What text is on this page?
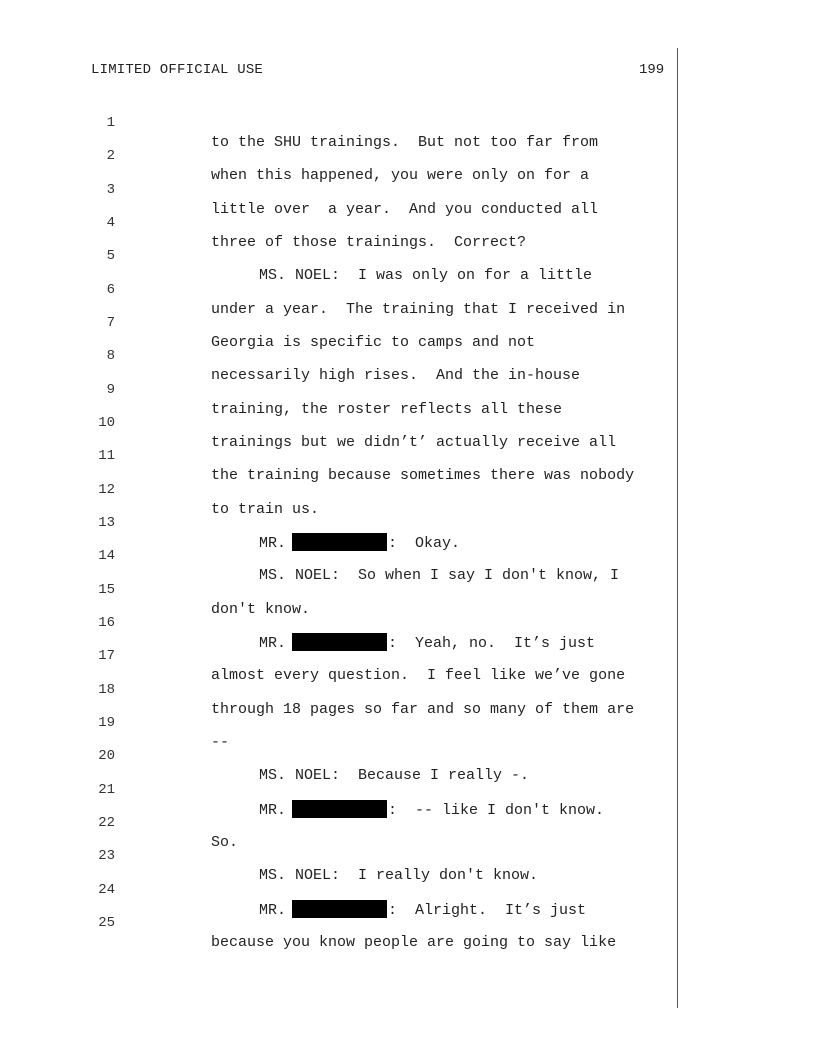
LIMITED OFFICIAL USE	199

1

to the SHU trainings.  But not too far from

2

when this happened, you were only on for a

3

little over  a year.  And you conducted all

4

three of those trainings.  Correct?

5

MS. NOEL:  I was only on for a little

6

under a year.  The training that I received in

7

Georgia is specific to camps and not

8

necessarily high rises.  And the in-house

9

training, the roster reflects all these

10

trainings but we didn’t’ actually receive all

11

the training because sometimes there was nobody

12

to train us.

13

MR.	:  Okay.

14

MS. NOEL:  So when I say I don't know, I

15

don't know.

16

MR.	:  Yeah, no.  It’s just

17

almost every question.  I feel like we’ve gone

18

through 18 pages so far and so many of them are

19

--

20

MS. NOEL:  Because I really -.

21

MR.	:  -- like I don't know.

22

So.

23

MS. NOEL:  I really don't know.

24

MR.	:  Alright.  It’s just

25

because you know people are going to say like
